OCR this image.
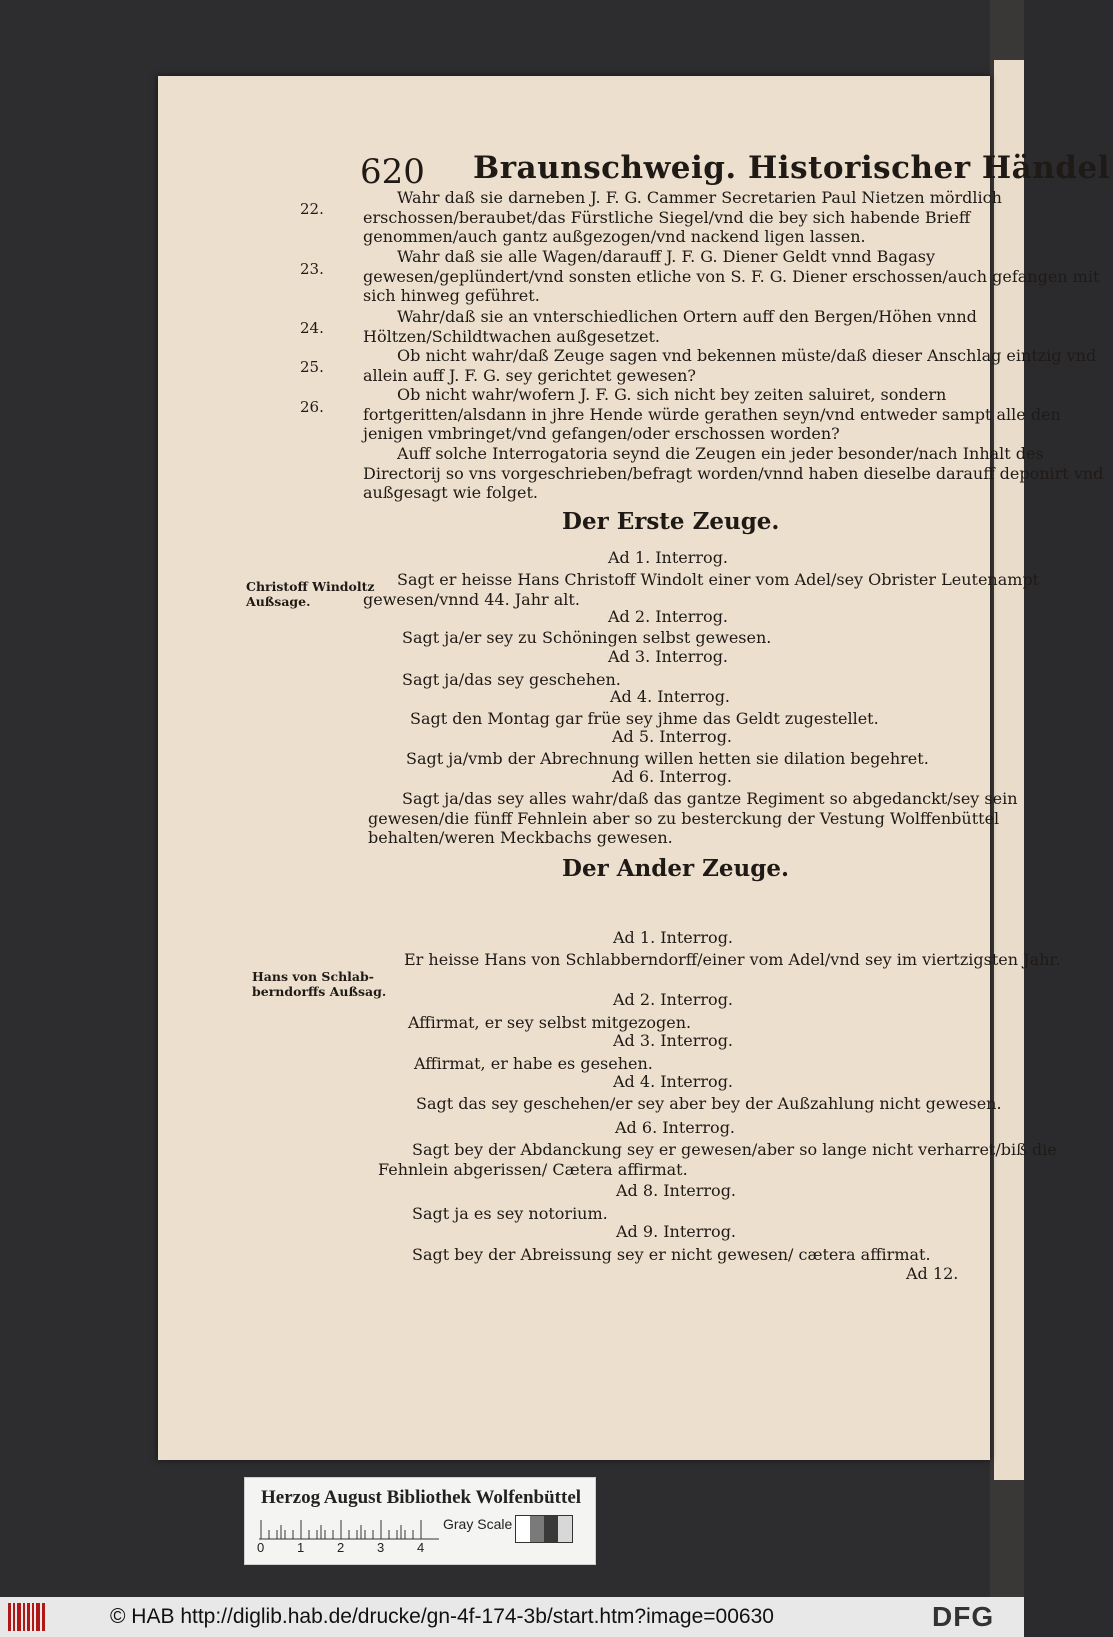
620 Braunschweig. Historischer Händel
22.
23.
24.
25.
26.
Wahr daß sie darneben J. F. G. Cammer Secretarien Paul Nietzen mördlich erschossen/beraubet/das Fürstliche Siegel/vnd die bey sich habende Brieff genommen/auch gantz außgezogen/vnd nackend ligen lassen.
Wahr daß sie alle Wagen/darauff J. F. G. Diener Geldt vnnd Bagasy gewesen/geplündert/vnd sonsten etliche von S. F. G. Diener erschossen/auch gefangen mit sich hinweg geführet.
Wahr/daß sie an vnterschiedlichen Ortern auff den Bergen/Höhen vnnd Höltzen/Schildtwachen außgesetzet.
Ob nicht wahr/daß Zeuge sagen vnd bekennen müste/daß dieser Anschlag eintzig vnd allein auff J. F. G. sey gerichtet gewesen?
Ob nicht wahr/wofern J. F. G. sich nicht bey zeiten saluiret, sondern fortgeritten/alsdann in jhre Hende würde gerathen seyn/vnd entweder sampt alle den jenigen vmbringet/vnd gefangen/oder erschossen worden?
Auff solche Interrogatoria seynd die Zeugen ein jeder besonder/nach Inhalt des Directorij so vns vorgeschrieben/befragt worden/vnnd haben dieselbe darauff deponirt vnd außgesagt wie folget.
Der Erste Zeuge.
Christoff Windoltz
Außsage.
Ad 1. Interrog.
Sagt er heisse Hans Christoff Windolt einer vom Adel/sey Obrister Leutenampt gewesen/vnnd 44. Jahr alt.
Ad 2. Interrog.
Sagt ja/er sey zu Schöningen selbst gewesen.
Ad 3. Interrog.
Sagt ja/das sey geschehen.
Ad 4. Interrog.
Sagt den Montag gar früe sey jhme das Geldt zugestellet.
Ad 5. Interrog.
Sagt ja/vmb der Abrechnung willen hetten sie dilation begehret.
Ad 6. Interrog.
Sagt ja/das sey alles wahr/daß das gantze Regiment so abgedanckt/sey sein gewesen/die fünff Fehnlein aber so zu besterckung der Vestung Wolffenbüttel behalten/weren Meckbachs gewesen.
Der Ander Zeuge.
Hans von Schlab-
berndorffs Außsag.
Ad 1. Interrog.
Er heisse Hans von Schlabberndorff/einer vom Adel/vnd sey im viertzigsten Jahr.
Ad 2. Interrog.
Affirmat, er sey selbst mitgezogen.
Ad 3. Interrog.
Affirmat, er habe es gesehen.
Ad 4. Interrog.
Sagt das sey geschehen/er sey aber bey der Außzahlung nicht gewesen.
Ad 6. Interrog.
Sagt bey der Abdanckung sey er gewesen/aber so lange nicht verharret/biß die Fehnlein abgerissen/ Cætera affirmat.
Ad 8. Interrog.
Sagt ja es sey notorium.
Ad 9. Interrog.
Sagt bey der Abreissung sey er nicht gewesen/ cætera affirmat.
Ad 12.
Herzog August Bibliothek Wolfenbüttel
0	1	2	3	4
Gray Scale
© HAB http://diglib.hab.de/drucke/gn-4f-174-3b/start.htm?image=00630	DFG
